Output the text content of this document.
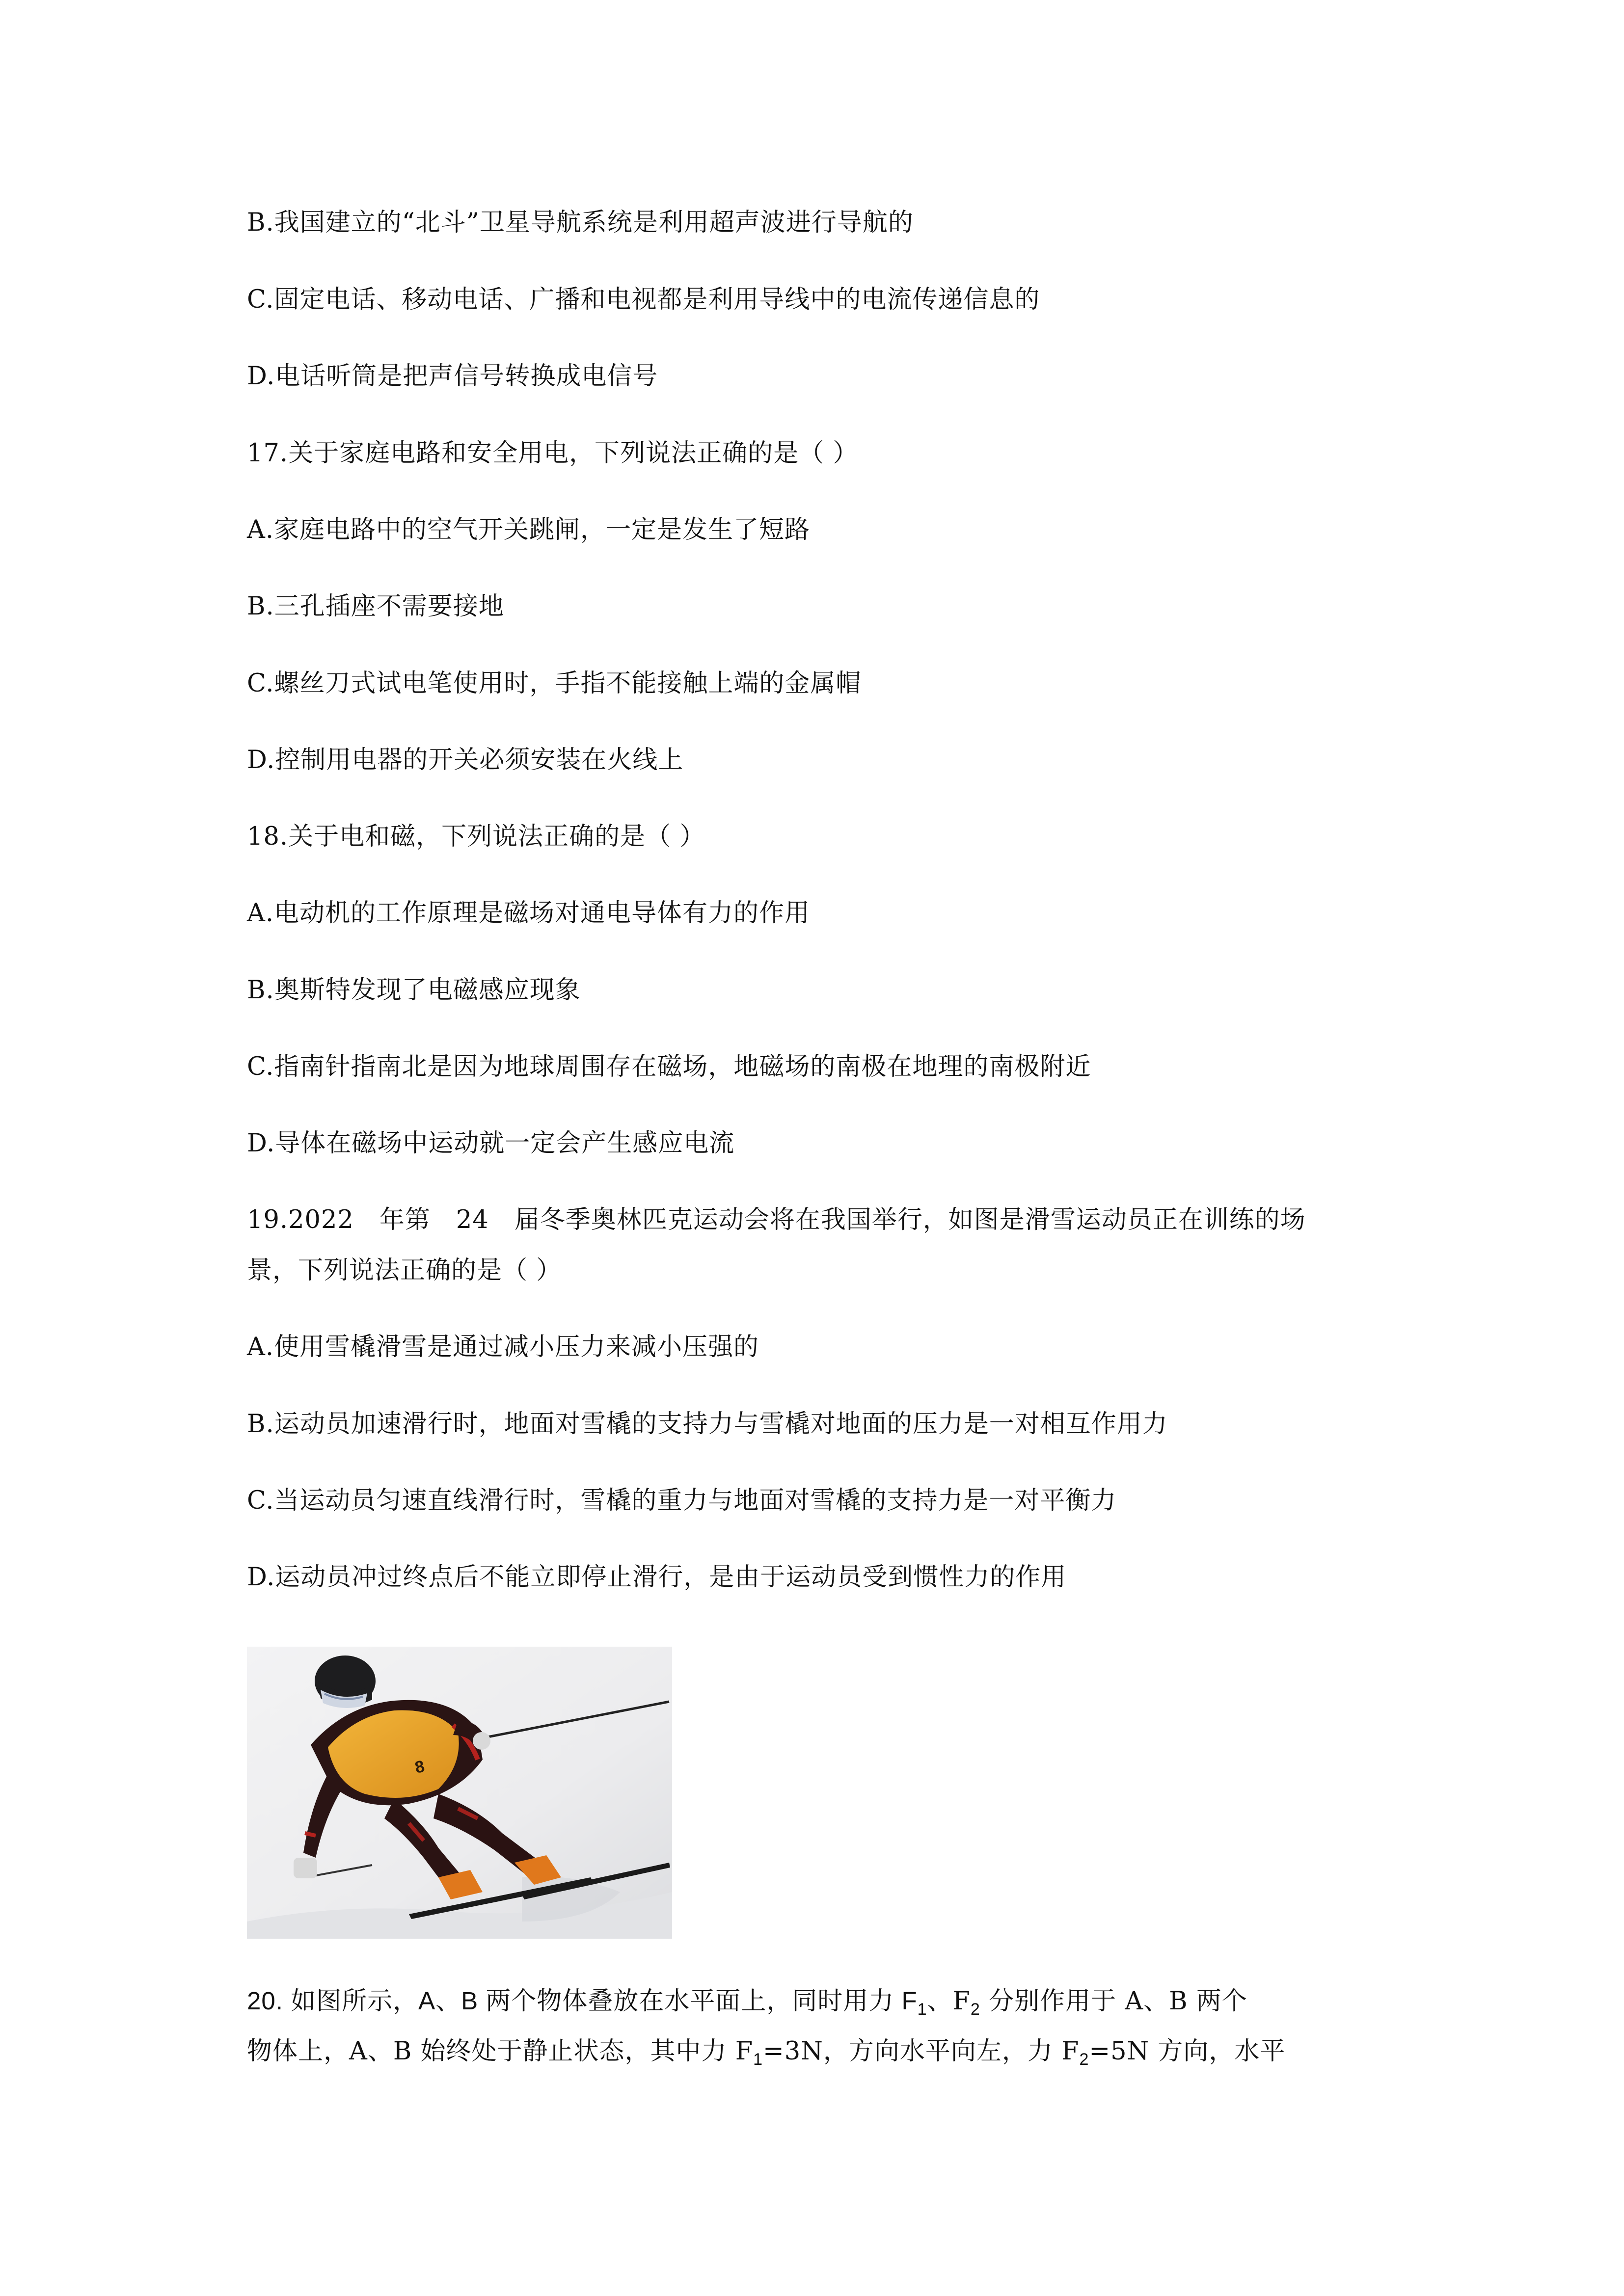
B.我国建立的“北斗”卫星导航系统是利用超声波进行导航的
C.固定电话、移动电话、广播和电视都是利用导线中的电流传递信息的
D.电话听筒是把声信号转换成电信号
17.关于家庭电路和安全用电，下列说法正确的是（ ）
A.家庭电路中的空气开关跳闸，一定是发生了短路
B.三孔插座不需要接地
C.螺丝刀式试电笔使用时，手指不能接触上端的金属帽
D.控制用电器的开关必须安装在火线上
18.关于电和磁，下列说法正确的是（ ）
A.电动机的工作原理是磁场对通电导体有力的作用
B.奥斯特发现了电磁感应现象
C.指南针指南北是因为地球周围存在磁场，地磁场的南极在地理的南极附近
D.导体在磁场中运动就一定会产生感应电流
19.2022　年第　24　届冬季奥林匹克运动会将在我国举行，如图是滑雪运动员正在训练的场
景，下列说法正确的是（ ）
A.使用雪橇滑雪是通过减小压力来减小压强的
B.运动员加速滑行时，地面对雪橇的支持力与雪橇对地面的压力是一对相互作用力
C.当运动员匀速直线滑行时，雪橇的重力与地面对雪橇的支持力是一对平衡力
D.运动员冲过终点后不能立即停止滑行，是由于运动员受到惯性力的作用
8
20. 如图所示，A、B 两个物体叠放在水平面上，同时用力 $F_1$、$F_2$ 分别作用于 A、B 两个
物体上，A、B 始终处于静止状态，其中力 $F_1=3N$，方向水平向左，力 $F_2=5N$ 方向，水平
